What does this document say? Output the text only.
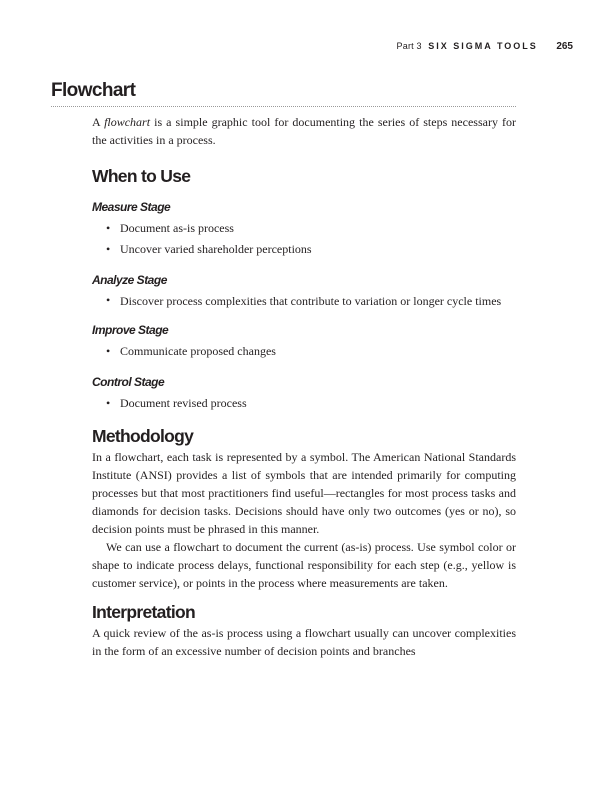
Part 3 SIX SIGMA TOOLS 265
Flowchart

A flowchart is a simple graphic tool for documenting the series of steps necessary for the activities in a process.

When to Use
Measure Stage
• Document as-is process
• Uncover varied shareholder perceptions
Analyze Stage
• Discover process complexities that contribute to variation or longer cycle times
Improve Stage
• Communicate proposed changes
Control Stage
• Document revised process
Methodology

In a flowchart, each task is represented by a symbol. The American National Standards Institute (ANSI) provides a list of symbols that are intended primarily for computing processes but that most practitioners find useful—rectangles for most process tasks and diamonds for decision tasks. Decisions should have only two outcomes (yes or no), so decision points must be phrased in this manner.

We can use a flowchart to document the current (as-is) process. Use symbol color or shape to indicate process delays, functional responsibility for each step (e.g., yellow is customer service), or points in the process where measurements are taken.

Interpretation

A quick review of the as-is process using a flowchart usually can uncover complexities in the form of an excessive number of decision points and branches
